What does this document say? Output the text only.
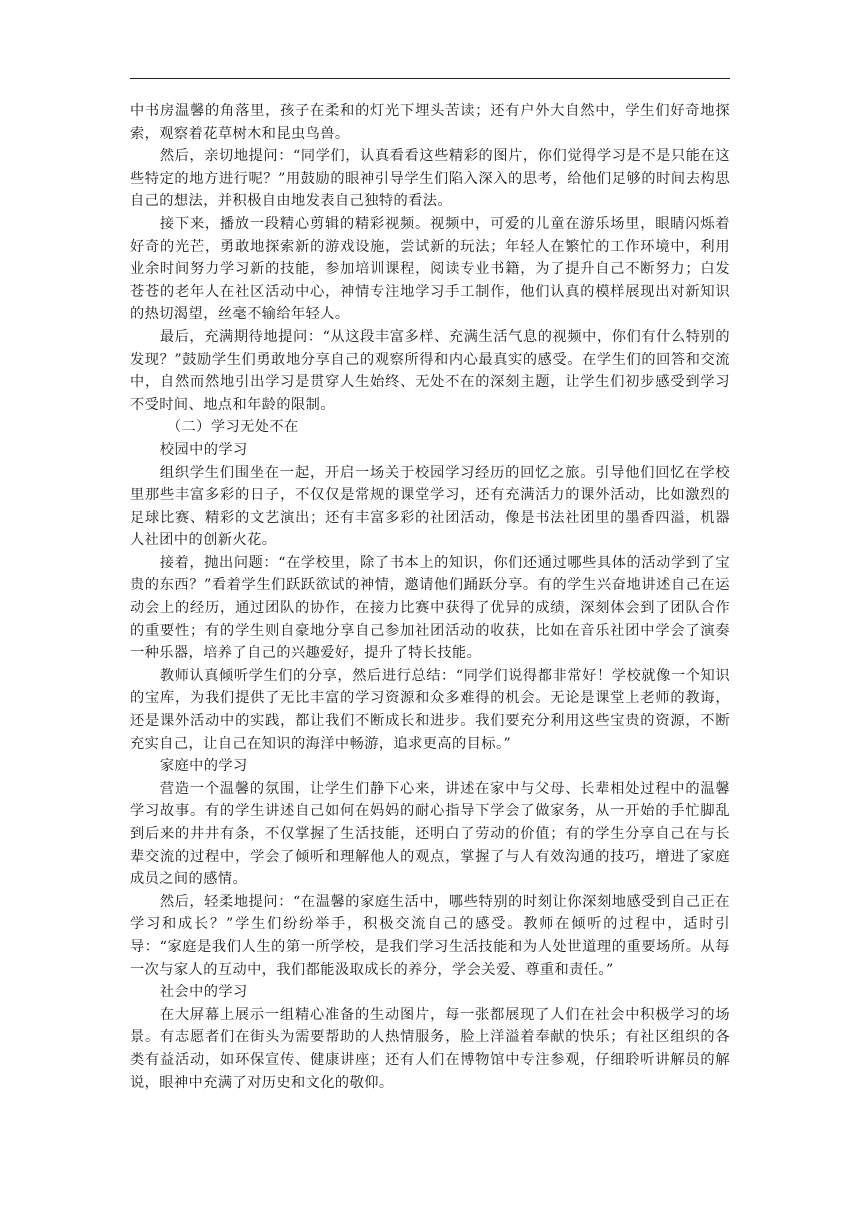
中书房温馨的角落里，孩子在柔和的灯光下埋头苦读；还有户外大自然中，学生们好奇地探索，观察着花草树木和昆虫鸟兽。

然后，亲切地提问：“同学们，认真看看这些精彩的图片，你们觉得学习是不是只能在这些特定的地方进行呢？”用鼓励的眼神引导学生们陷入深入的思考，给他们足够的时间去构思自己的想法，并积极自由地发表自己独特的看法。

接下来，播放一段精心剪辑的精彩视频。视频中，可爱的儿童在游乐场里，眼睛闪烁着好奇的光芒，勇敢地探索新的游戏设施，尝试新的玩法；年轻人在繁忙的工作环境中，利用业余时间努力学习新的技能，参加培训课程，阅读专业书籍，为了提升自己不断努力；白发苍苍的老年人在社区活动中心，神情专注地学习手工制作，他们认真的模样展现出对新知识的热切渴望，丝毫不输给年轻人。

最后，充满期待地提问：“从这段丰富多样、充满生活气息的视频中，你们有什么特别的发现？”鼓励学生们勇敢地分享自己的观察所得和内心最真实的感受。在学生们的回答和交流中，自然而然地引出学习是贯穿人生始终、无处不在的深刻主题，让学生们初步感受到学习不受时间、地点和年龄的限制。

（二）学习无处不在

校园中的学习

组织学生们围坐在一起，开启一场关于校园学习经历的回忆之旅。引导他们回忆在学校里那些丰富多彩的日子，不仅仅是常规的课堂学习，还有充满活力的课外活动，比如激烈的足球比赛、精彩的文艺演出；还有丰富多彩的社团活动，像是书法社团里的墨香四溢，机器人社团中的创新火花。

接着，抛出问题：“在学校里，除了书本上的知识，你们还通过哪些具体的活动学到了宝贵的东西？”看着学生们跃跃欲试的神情，邀请他们踊跃分享。有的学生兴奋地讲述自己在运动会上的经历，通过团队的协作，在接力比赛中获得了优异的成绩，深刻体会到了团队合作的重要性；有的学生则自豪地分享自己参加社团活动的收获，比如在音乐社团中学会了演奏一种乐器，培养了自己的兴趣爱好，提升了特长技能。

教师认真倾听学生们的分享，然后进行总结：“同学们说得都非常好！学校就像一个知识的宝库，为我们提供了无比丰富的学习资源和众多难得的机会。无论是课堂上老师的教诲，还是课外活动中的实践，都让我们不断成长和进步。我们要充分利用这些宝贵的资源，不断充实自己，让自己在知识的海洋中畅游，追求更高的目标。”

家庭中的学习

营造一个温馨的氛围，让学生们静下心来，讲述在家中与父母、长辈相处过程中的温馨学习故事。有的学生讲述自己如何在妈妈的耐心指导下学会了做家务，从一开始的手忙脚乱到后来的井井有条，不仅掌握了生活技能，还明白了劳动的价值；有的学生分享自己在与长辈交流的过程中，学会了倾听和理解他人的观点，掌握了与人有效沟通的技巧，增进了家庭成员之间的感情。

然后，轻柔地提问：“在温馨的家庭生活中，哪些特别的时刻让你深刻地感受到自己正在学习和成长？”学生们纷纷举手，积极交流自己的感受。教师在倾听的过程中，适时引导：“家庭是我们人生的第一所学校，是我们学习生活技能和为人处世道理的重要场所。从每一次与家人的互动中，我们都能汲取成长的养分，学会关爱、尊重和责任。”

社会中的学习

在大屏幕上展示一组精心准备的生动图片，每一张都展现了人们在社会中积极学习的场景。有志愿者们在街头为需要帮助的人热情服务，脸上洋溢着奉献的快乐；有社区组织的各类有益活动，如环保宣传、健康讲座；还有人们在博物馆中专注参观，仔细聆听讲解员的解说，眼神中充满了对历史和文化的敬仰。
